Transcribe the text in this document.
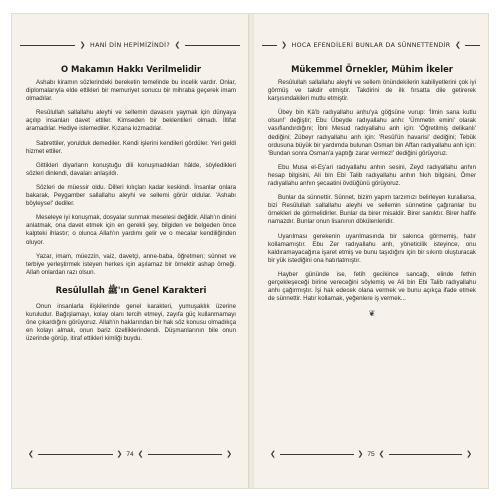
❯ HANİ DİN HEPİMİZİNDİ? ❮
O Makamın Hakkı Verilmelidir

Ashabı kiramın sözlerindeki bereketin temelinde bu incelik vardır. Onlar, diplomalarıyla elde ettikleri bir memuriyet sonucu bir mihraba geçerek imam olmadılar.

Resûlullah sallallahu aleyhi ve sellemin davasını yaymak için dünyaya açılıp insanları davet ettiler. Kimseden bir beklentileri olmadı. İltifat aramadılar. Hediye istemediler. Kızana kızmadılar.

Sabrettiler, yorulduk demediler. Kendi işlerini kendileri gördüler. Yeri geldi hizmet ettiler.

Gittikleri diyarların konuştuğu dili konuşmadıkları hâlde, söyledikleri sözleri dinlendi, davaları anlaşıldı.

Sözleri de müessir oldu. Dilleri kılıçları kadar keskindi. İnsanlar onlara bakarak, Peygamber sallallahu aleyhi ve sellemi görür oldular. 'Ashabı böyleyse!' dediler.

Meseleye iyi konuşmak, dosyalar sunmak meselesi değildir. Allah'ın dinini anlatmak, ona davet etmek için en gerekli şey, bilgiden ve belgeden önce kalpteki ihlastır; o olunca Allah'ın yardımı gelir ve o mecalar kendiliğinden oluyor.

Yazar, imam, müezzin, vaiz, davetçi, anne-baba, öğretmen; sünnet ve terbiye yerleştirmek isteyen herkes için aşılamaz bir örnektir ashap örneği. Allah onlardan razı olsun.

Resûlullah ﷺ'ın Genel Karakteri

Onun insanlarla ilişkilerinde genel karakteri, yumuşaklık üzerine kuruludur. Bağışlamayı, kolay olanı tercih etmeyi, zayıfa güç kullanmamayı öne çıkardığını görüyoruz. Allah'ın haklarından bir hak söz konusu olmadıkça en kolayı almak, onun bariz özelliklerindendi. Düşmanlarının bile onun üzerinde görüp, itiraf ettikleri kimliği buydu.

❮	❯ 74 ❮	❯
❯ HOCA EFENDİLERİ BUNLAR DA SÜNNETTENDİR ❮
Mükemmel Örnekler, Mühim İkeler

Resûlullah sallallahu aleyhi ve sellem önündekilerin kabiliyetlerini çok iyi görmüş ve takdir etmiştir. Takdirini de ilk fırsatta dile getirerek karşısındakileri mutlu etmiştir.

Übey bin Kâ'b radıyallahu anhu'ya göğsüne vurup: 'İlmin sana kutlu olsun!' değiştir; Ebu Übeyde radıyallahu anhı: 'Ümmetin emini' olarak vasıflandırdığını; İbni Mesud radıyallahu anh için: 'Öğretilmiş delikanlı' dediğini; Zübeyr radıyallahu anh için: 'Resûl'ün havarisi' dediğini; Tebük ordusuna büyük bir yardımda bulunan Osman bin Affan radıyallahu anh için: 'Bundan sonra Osman'a yaptığı zarar vermez!' dediğini görüyoruz.

Ebu Musa el-Eş'ari radıyallahu anhın sesini, Zeyd radıyallahu anhın hesap bilgisini, Ali bin Ebi Talib radıyallahu anhın fıkıh bilgisini, Ömer radıyallahu anhın şecaatini övdüğünü görüyoruz.

Bunlar da sünnettir. Sünnet, bizim yapım tarzımızı belirleyen kurallarsa, bizi Resûlullah sallallahu aleyhi ve sellemin sünnetine çağıranlar bu örnekleri de görmelidirler. Bunlar da birer misaldir. Birer sanıktır. Birer hafife namazdır. Bunlar onun lisanının dökülenleridir.

Uyarılması gerekenin uyarılmasında bir sakınca görmemiş, hatır kollamamıştır. Ebu Zer radıyallahu anh, yöneticilik isteyince, onu kaldıramayacağına işaret etmiş ve bunu taşıdığını için bir sıkıntı oluşturacak bir yük istediğini ona hatırlatmıştır.

Hayber gününde ise, fetih gecikince sancağı, elinde fethin gerçekleşeceği birine vereceğini söylemiş ve Ali bin Ebi Talib radıyallahu anhı çağırmıştır. İşi hak edecek olana vermek ve bunu açıkça ifade etmek de sünnettir. Hatır kollamak, yeğenlere iş vermek...

❦
❮	❯ 75 ❮	❯
